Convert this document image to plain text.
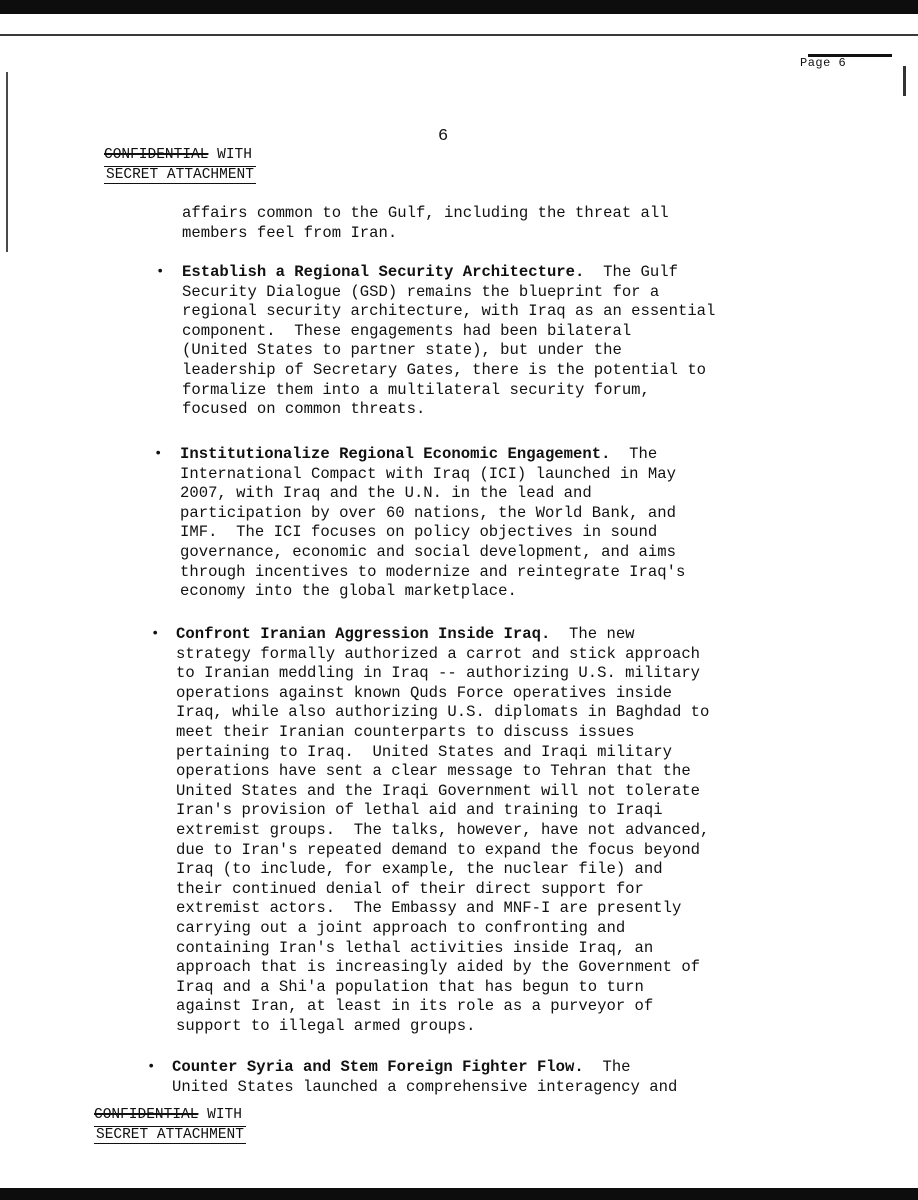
Page 6
6
CONFIDENTIAL WITH
SECRET ATTACHMENT
affairs common to the Gulf, including the threat all
members feel from Iran.
• Establish a Regional Security Architecture.  The Gulf
Security Dialogue (GSD) remains the blueprint for a
regional security architecture, with Iraq as an essential
component.  These engagements had been bilateral
(United States to partner state), but under the
leadership of Secretary Gates, there is the potential to
formalize them into a multilateral security forum,
focused on common threats.
• Institutionalize Regional Economic Engagement.  The
International Compact with Iraq (ICI) launched in May
2007, with Iraq and the U.N. in the lead and
participation by over 60 nations, the World Bank, and
IMF.  The ICI focuses on policy objectives in sound
governance, economic and social development, and aims
through incentives to modernize and reintegrate Iraq's
economy into the global marketplace.
• Confront Iranian Aggression Inside Iraq.  The new
strategy formally authorized a carrot and stick approach
to Iranian meddling in Iraq -- authorizing U.S. military
operations against known Quds Force operatives inside
Iraq, while also authorizing U.S. diplomats in Baghdad to
meet their Iranian counterparts to discuss issues
pertaining to Iraq.  United States and Iraqi military
operations have sent a clear message to Tehran that the
United States and the Iraqi Government will not tolerate
Iran's provision of lethal aid and training to Iraqi
extremist groups.  The talks, however, have not advanced,
due to Iran's repeated demand to expand the focus beyond
Iraq (to include, for example, the nuclear file) and
their continued denial of their direct support for
extremist actors.  The Embassy and MNF-I are presently
carrying out a joint approach to confronting and
containing Iran's lethal activities inside Iraq, an
approach that is increasingly aided by the Government of
Iraq and a Shi'a population that has begun to turn
against Iran, at least in its role as a purveyor of
support to illegal armed groups.
• Counter Syria and Stem Foreign Fighter Flow.  The
United States launched a comprehensive interagency and
CONFIDENTIAL WITH
SECRET ATTACHMENT
